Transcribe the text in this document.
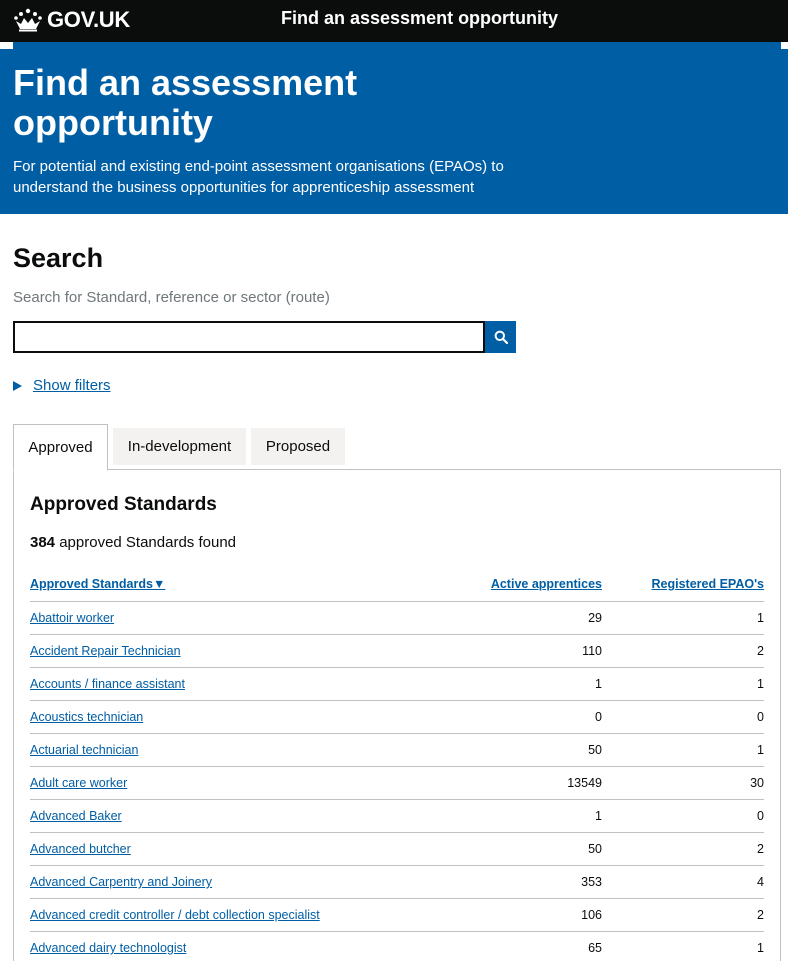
GOV.UK	Find an assessment opportunity
Find an assessment opportunity

For potential and existing end-point assessment organisations (EPAOs) to understand the business opportunities for apprenticeship assessment

Search
Search for Standard, reference or sector (route)
Show filters
Approved	In-development	Proposed
Approved Standards

384 approved Standards found

Approved Standards▼	Active apprentices	Registered EPAO's
Abattoir worker	29	1
Accident Repair Technician	110	2
Accounts / finance assistant	1	1
Acoustics technician	0	0
Actuarial technician	50	1
Adult care worker	13549	30
Advanced Baker	1	0
Advanced butcher	50	2
Advanced Carpentry and Joinery	353	4
Advanced credit controller / debt collection specialist	106	2
Advanced dairy technologist	65	1
